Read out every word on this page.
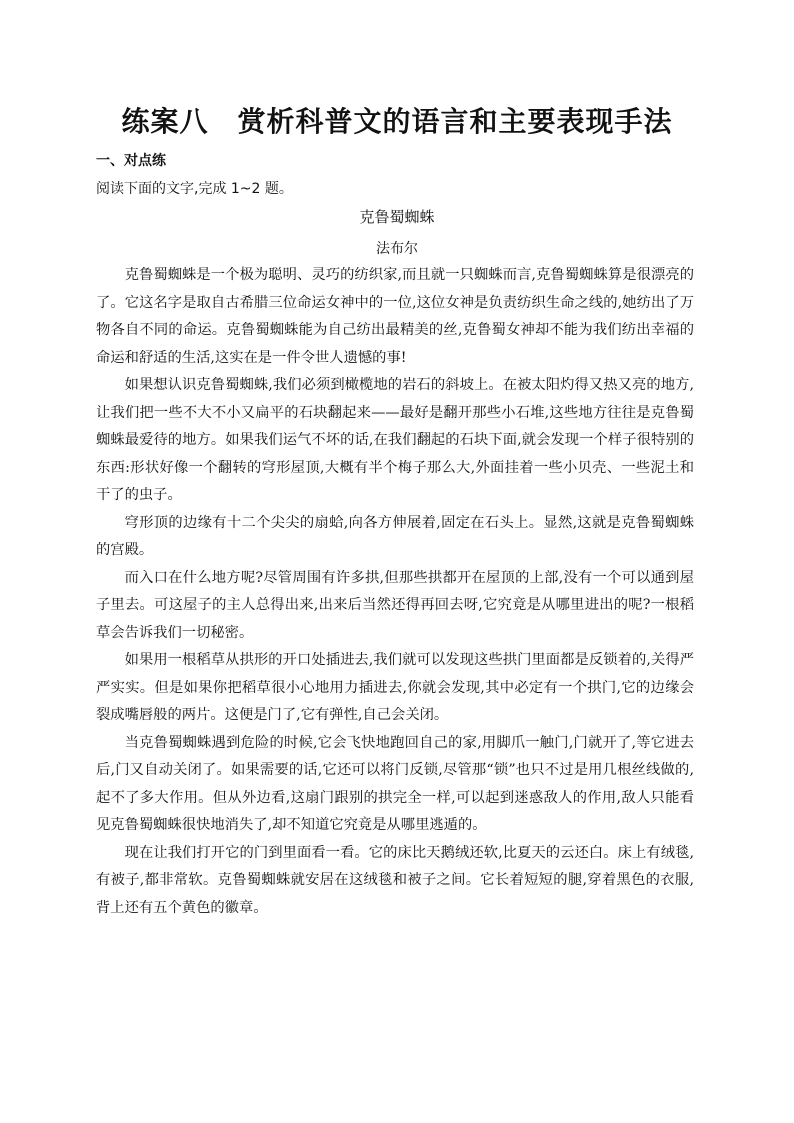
练案八　赏析科普文的语言和主要表现手法
一、对点练
阅读下面的文字,完成 1~2 题。
克鲁蜀蜘蛛
法布尔

克鲁蜀蜘蛛是一个极为聪明、灵巧的纺织家,而且就一只蜘蛛而言,克鲁蜀蜘蛛算是很漂亮的了。它这名字是取自古希腊三位命运女神中的一位,这位女神是负责纺织生命之线的,她纺出了万物各自不同的命运。克鲁蜀蜘蛛能为自己纺出最精美的丝,克鲁蜀女神却不能为我们纺出幸福的命运和舒适的生活,这实在是一件令世人遗憾的事!

如果想认识克鲁蜀蜘蛛,我们必须到橄榄地的岩石的斜坡上。在被太阳灼得又热又亮的地方,让我们把一些不大不小又扁平的石块翻起来——最好是翻开那些小石堆,这些地方往往是克鲁蜀蜘蛛最爱待的地方。如果我们运气不坏的话,在我们翻起的石块下面,就会发现一个样子很特别的东西:形状好像一个翻转的穹形屋顶,大概有半个梅子那么大,外面挂着一些小贝壳、一些泥土和干了的虫子。

穹形顶的边缘有十二个尖尖的扇蛤,向各方伸展着,固定在石头上。显然,这就是克鲁蜀蜘蛛的宫殿。

而入口在什么地方呢?尽管周围有许多拱,但那些拱都开在屋顶的上部,没有一个可以通到屋子里去。可这屋子的主人总得出来,出来后当然还得再回去呀,它究竟是从哪里进出的呢?一根稻草会告诉我们一切秘密。

如果用一根稻草从拱形的开口处插进去,我们就可以发现这些拱门里面都是反锁着的,关得严严实实。但是如果你把稻草很小心地用力插进去,你就会发现,其中必定有一个拱门,它的边缘会裂成嘴唇般的两片。这便是门了,它有弹性,自己会关闭。

当克鲁蜀蜘蛛遇到危险的时候,它会飞快地跑回自己的家,用脚爪一触门,门就开了,等它进去后,门又自动关闭了。如果需要的话,它还可以将门反锁,尽管那“锁”也只不过是用几根丝线做的,起不了多大作用。但从外边看,这扇门跟别的拱完全一样,可以起到迷惑敌人的作用,敌人只能看见克鲁蜀蜘蛛很快地消失了,却不知道它究竟是从哪里逃遁的。

现在让我们打开它的门到里面看一看。它的床比天鹅绒还软,比夏天的云还白。床上有绒毯,有被子,都非常软。克鲁蜀蜘蛛就安居在这绒毯和被子之间。它长着短短的腿,穿着黑色的衣服,背上还有五个黄色的徽章。
